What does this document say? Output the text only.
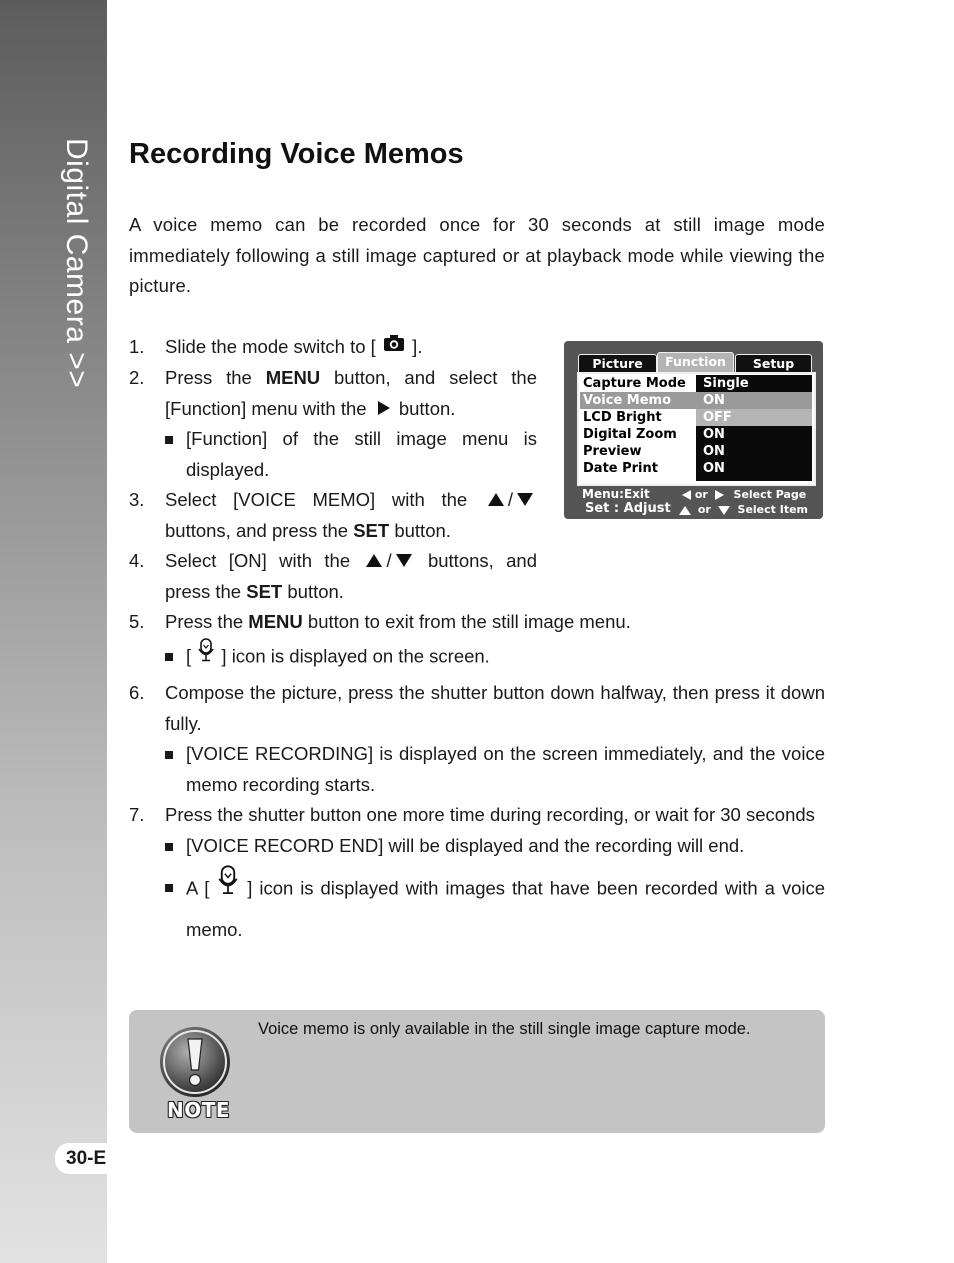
Digital Camera >>
30-E
Recording Voice Memos

A voice memo can be recorded once for 30 seconds at still image mode immediately following a still image captured or at playback mode while viewing the picture.

1. Slide the mode switch to [ ].
2. Press the MENU button, and select the [Function] menu with the  button.
[Function] of the still image menu is displayed.
3. Select [VOICE MEMO] with the / buttons, and press the SET button.
4. Select [ON] with the / buttons, and press the SET button.
5. Press the MENU button to exit from the still image menu.
[ ] icon is displayed on the screen.
6. Compose the picture, press the shutter button down halfway, then press it down fully.
[VOICE RECORDING] is displayed on the screen immediately, and the voice memo recording starts.
7. Press the shutter button one more time during recording, or wait for 30 seconds
[VOICE RECORD END] will be displayed and the recording will end.
A [ ] icon is displayed with images that have been recorded with a voice memo.
Picture	Function	Setup
Capture Mode
Voice Memo
LCD Bright
Digital Zoom
Preview
Date Print
Single
ON
OFF
ON
ON
ON
Menu:Exit
Set : Adjust
or Select Page
or Select Item
NOTE
Voice memo is only available in the still single image capture mode.
